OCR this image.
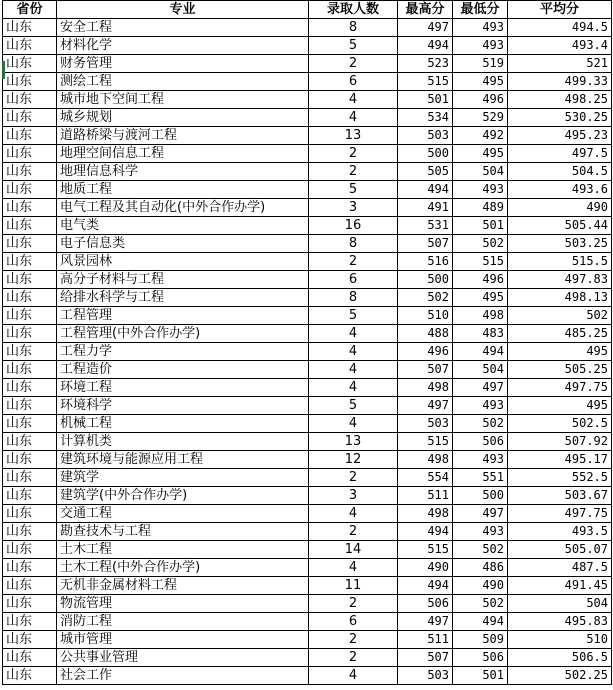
省份	专业	录取人数	最高分	最低分	平均分
山东	安全工程	8	497	493	494.5
山东	材料化学	5	494	493	493.4
山东	财务管理	2	523	519	521
山东	测绘工程	6	515	495	499.33
山东	城市地下空间工程	4	501	496	498.25
山东	城乡规划	4	534	529	530.25
山东	道路桥梁与渡河工程	13	503	492	495.23
山东	地理空间信息工程	2	500	495	497.5
山东	地理信息科学	2	505	504	504.5
山东	地质工程	5	494	493	493.6
山东	电气工程及其自动化(中外合作办学)	3	491	489	490
山东	电气类	16	531	501	505.44
山东	电子信息类	8	507	502	503.25
山东	风景园林	2	516	515	515.5
山东	高分子材料与工程	6	500	496	497.83
山东	给排水科学与工程	8	502	495	498.13
山东	工程管理	5	510	498	502
山东	工程管理(中外合作办学)	4	488	483	485.25
山东	工程力学	4	496	494	495
山东	工程造价	4	507	504	505.25
山东	环境工程	4	498	497	497.75
山东	环境科学	5	497	493	495
山东	机械工程	4	503	502	502.5
山东	计算机类	13	515	506	507.92
山东	建筑环境与能源应用工程	12	498	493	495.17
山东	建筑学	2	554	551	552.5
山东	建筑学(中外合作办学)	3	511	500	503.67
山东	交通工程	4	498	497	497.75
山东	勘查技术与工程	2	494	493	493.5
山东	土木工程	14	515	502	505.07
山东	土木工程(中外合作办学)	4	490	486	487.5
山东	无机非金属材料工程	11	494	490	491.45
山东	物流管理	2	506	502	504
山东	消防工程	6	497	494	495.83
山东	城市管理	2	511	509	510
山东	公共事业管理	2	507	506	506.5
山东	社会工作	4	503	501	502.25
